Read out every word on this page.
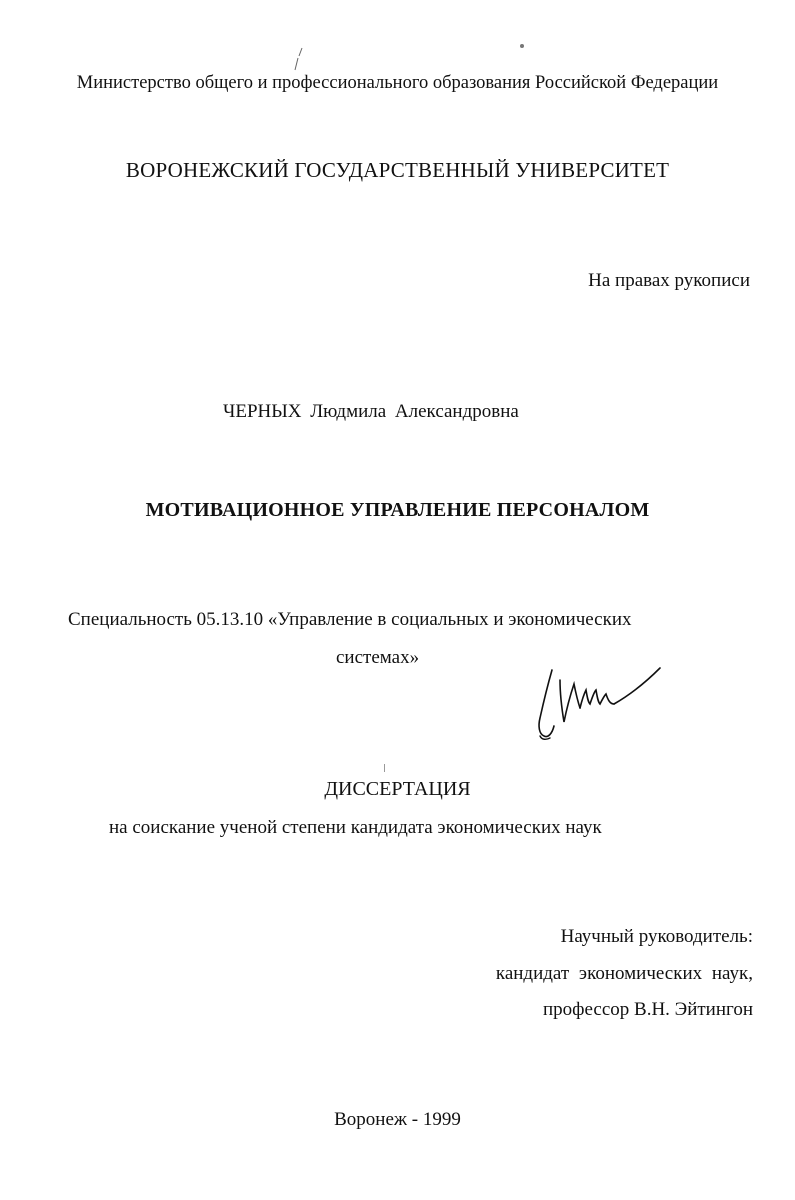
Министерство общего и профессионального образования Российской Федерации
ВОРОНЕЖСКИЙ ГОСУДАРСТВЕННЫЙ УНИВЕРСИТЕТ
На правах рукописи
ЧЕРНЫХ Людмила Александровна
МОТИВАЦИОННОЕ УПРАВЛЕНИЕ ПЕРСОНАЛОМ
Специальность 05.13.10 «Управление в социальных и экономических
системах»
ДИССЕРТАЦИЯ
на соискание ученой степени кандидата экономических наук
Научный руководитель:
кандидат экономических наук,
профессор В.Н. Эйтингон
Воронеж - 1999
